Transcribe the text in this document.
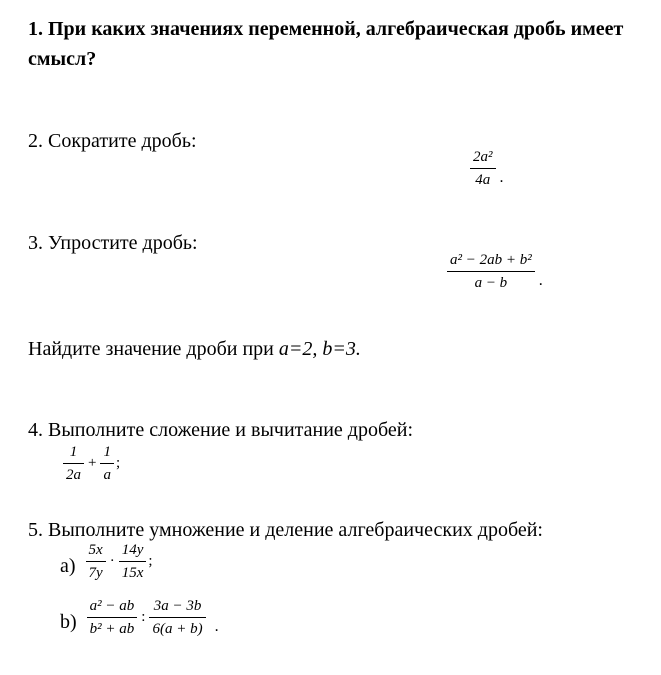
1. При каких значениях переменной, алгебраическая дробь имеет смысл?
2. Сократите дробь:
$\frac{\text{2a²}}{4a}$ .
3. Упростите дробь:
$\frac{\text{a² − 2ab + b²}}{a - b}$ .
Найдите значение дроби при a=2, b=3.
4. Выполните сложение и вычитание дробей:
$\frac{1}{2a} + \frac{1}{a}$ ;
5. Выполните умножение и деление алгебраических дробей:
$a) \frac{5x}{7y} \cdot \frac{14y}{15x}$ ;
$b) \frac{\text{a² − ab}}{\text{b² + ab}}$ : $\frac{3a - 3b}{6(a + b)}$ .
